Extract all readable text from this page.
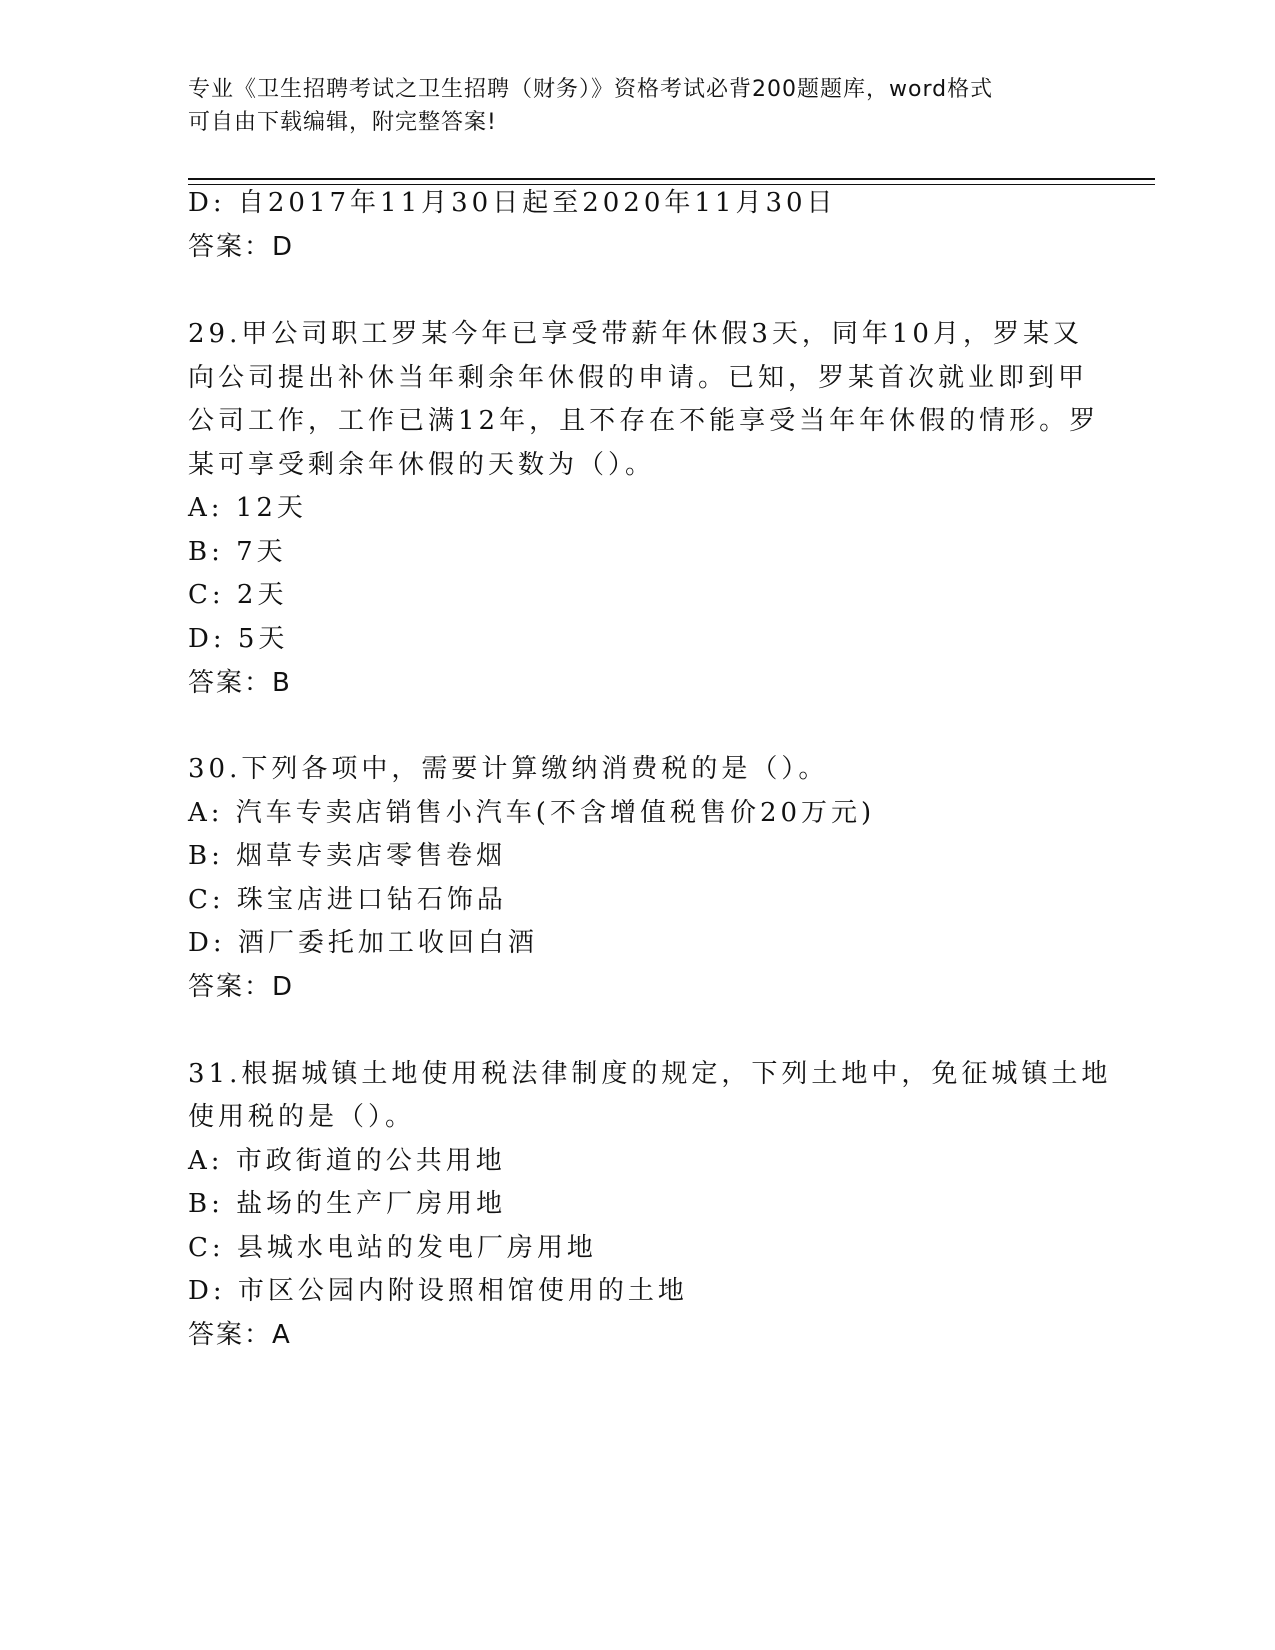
专业《卫生招聘考试之卫生招聘（财务）》资格考试必背200题题库，word格式
可自由下载编辑，附完整答案!
D: 自2017年11月30日起至2020年11月30日
答案：D
29.甲公司职工罗某今年已享受带薪年休假3天，同年10月，罗某又
向公司提出补休当年剩余年休假的申请。已知，罗某首次就业即到甲
公司工作，工作已满12年，且不存在不能享受当年年休假的情形。罗
某可享受剩余年休假的天数为（）。
A: 12天
B: 7天
C: 2天
D: 5天
答案：B
30.下列各项中，需要计算缴纳消费税的是（）。
A: 汽车专卖店销售小汽车(不含增值税售价20万元)
B: 烟草专卖店零售卷烟
C: 珠宝店进口钻石饰品
D: 酒厂委托加工收回白酒
答案：D
31.根据城镇土地使用税法律制度的规定，下列土地中，免征城镇土地
使用税的是（）。
A: 市政街道的公共用地
B: 盐场的生产厂房用地
C: 县城水电站的发电厂房用地
D: 市区公园内附设照相馆使用的土地
答案：A
